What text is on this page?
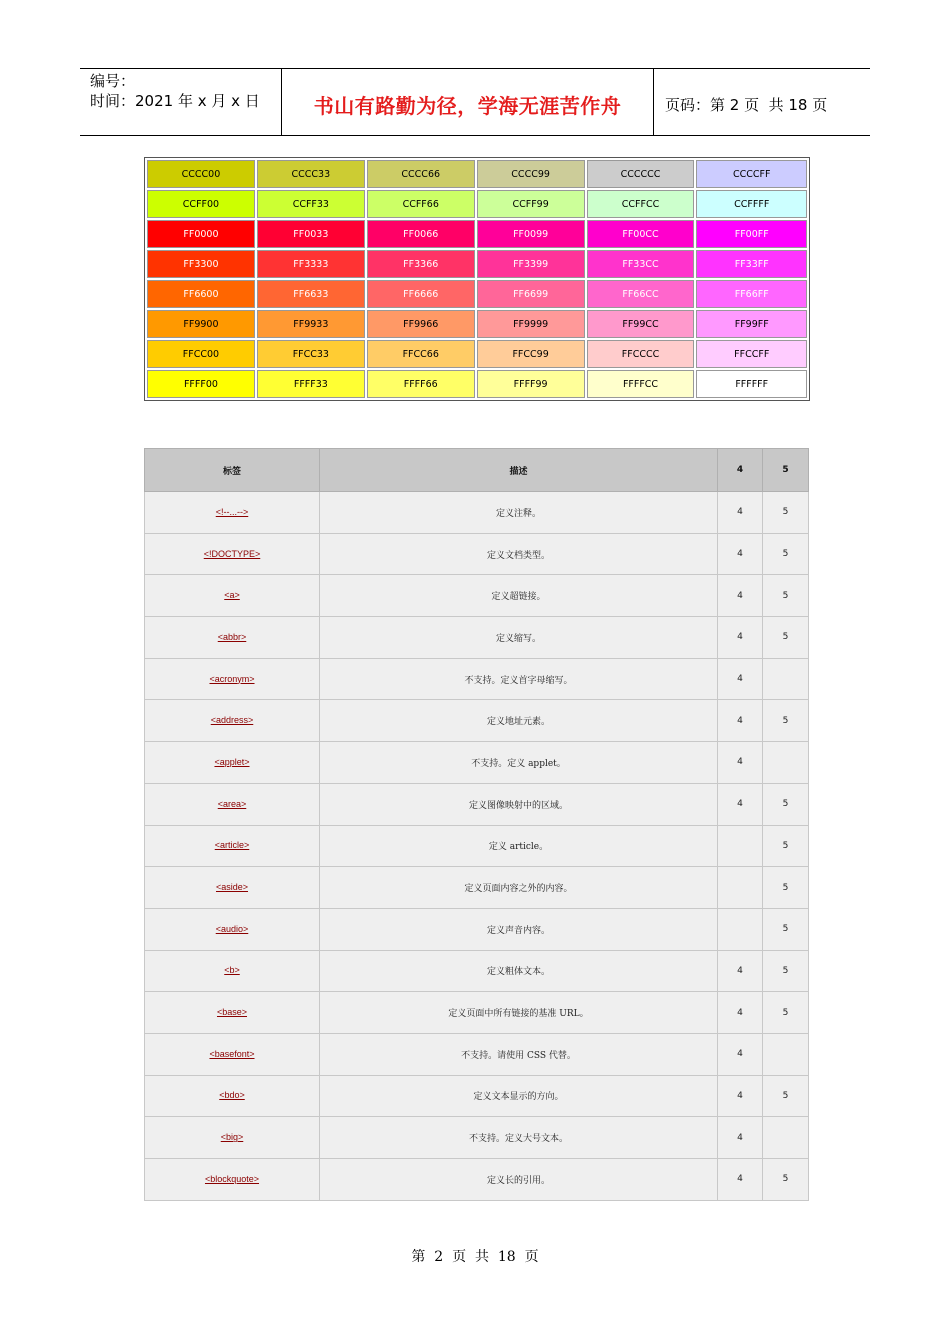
编号：
时间：2021 年 x 月 x 日	书山有路勤为径，学海无涯苦作舟	页码：第 2 页  共 18 页
CCCC00	CCCC33	CCCC66	CCCC99	CCCCCC	CCCCFF
CCFF00	CCFF33	CCFF66	CCFF99	CCFFCC	CCFFFF
FF0000	FF0033	FF0066	FF0099	FF00CC	FF00FF
FF3300	FF3333	FF3366	FF3399	FF33CC	FF33FF
FF6600	FF6633	FF6666	FF6699	FF66CC	FF66FF
FF9900	FF9933	FF9966	FF9999	FF99CC	FF99FF
FFCC00	FFCC33	FFCC66	FFCC99	FFCCCC	FFCCFF
FFFF00	FFFF33	FFFF66	FFFF99	FFFFCC	FFFFFF
标签	描述	4	5
<!--...-->	定义注释。	4	5
<!DOCTYPE>	定义文档类型。	4	5
<a>	定义超链接。	4	5
<abbr>	定义缩写。	4	5
<acronym>	不支持。定义首字母缩写。	4	
<address>	定义地址元素。	4	5
<applet>	不支持。定义 applet。	4	
<area>	定义图像映射中的区域。	4	5
<article>	定义 article。		5
<aside>	定义页面内容之外的内容。		5
<audio>	定义声音内容。		5
<b>	定义粗体文本。	4	5
<base>	定义页面中所有链接的基准 URL。	4	5
<basefont>	不支持。请使用 CSS 代替。	4	
<bdo>	定义文本显示的方向。	4	5
<big>	不支持。定义大号文本。	4	
<blockquote>	定义长的引用。	4	5
第  2  页  共  18  页
